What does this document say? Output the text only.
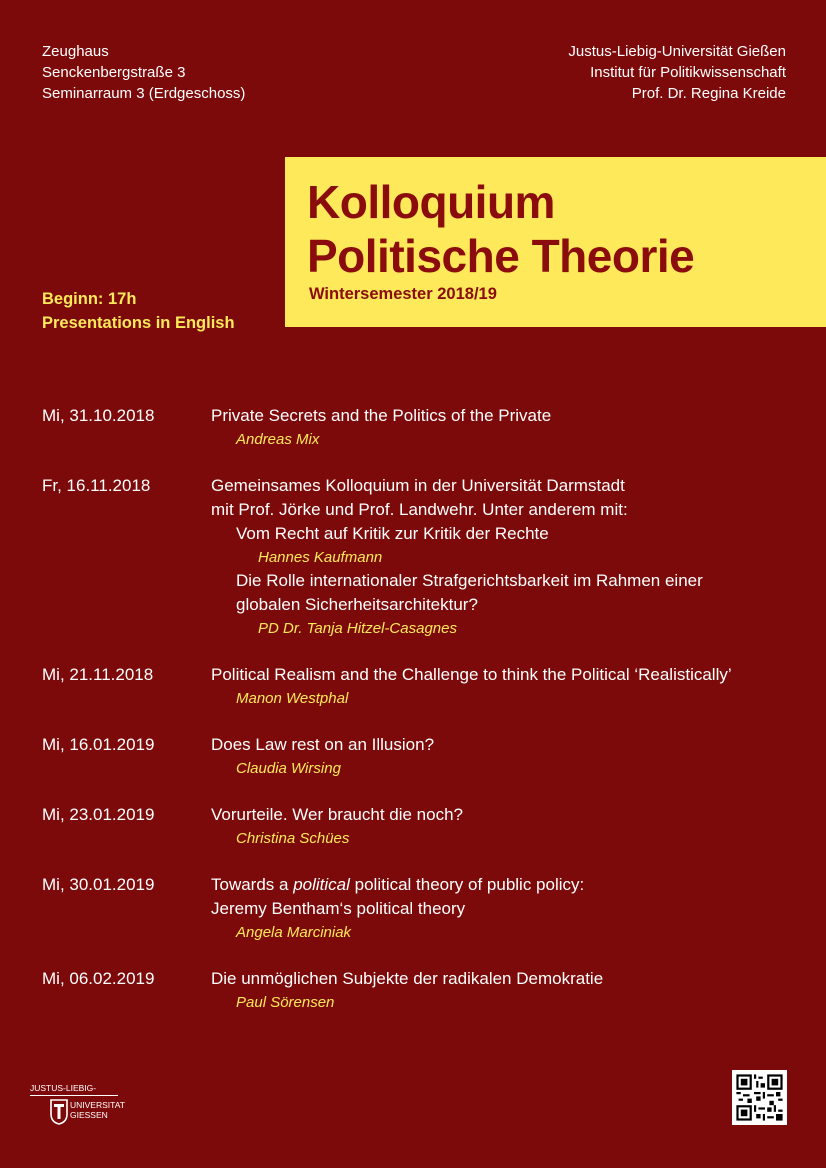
Zeughaus
Senckenbergstraße 3
Seminarraum 3 (Erdgeschoss)
Justus-Liebig-Universität Gießen
Institut für Politikwissenschaft
Prof. Dr. Regina Kreide
Kolloquium
Politische Theorie
Wintersemester 2018/19
Beginn: 17h
Presentations in English
Mi, 31.10.2018	Private Secrets and the Politics of the Private
Andreas Mix
Fr, 16.11.2018	Gemeinsames Kolloquium in der Universität Darmstadt
mit Prof. Jörke und Prof. Landwehr. Unter anderem mit:
Vom Recht auf Kritik zur Kritik der Rechte
Hannes Kaufmann
Die Rolle internationaler Strafgerichtsbarkeit im Rahmen einer
globalen Sicherheitsarchitektur?
PD Dr. Tanja Hitzel-Casagnes
Mi, 21.11.2018	Political Realism and the Challenge to think the Political ‘Realistically’
Manon Westphal
Mi, 16.01.2019	Does Law rest on an Illusion?
Claudia Wirsing
Mi, 23.01.2019	Vorurteile. Wer braucht die noch?
Christina Schües
Mi, 30.01.2019	Towards a political political theory of public policy:
Jeremy Bentham‘s political theory
Angela Marciniak
Mi, 06.02.2019	Die unmöglichen Subjekte der radikalen Demokratie
Paul Sörensen
JUSTUS-LIEBIG-
UNIVERSITAT
GIESSEN
